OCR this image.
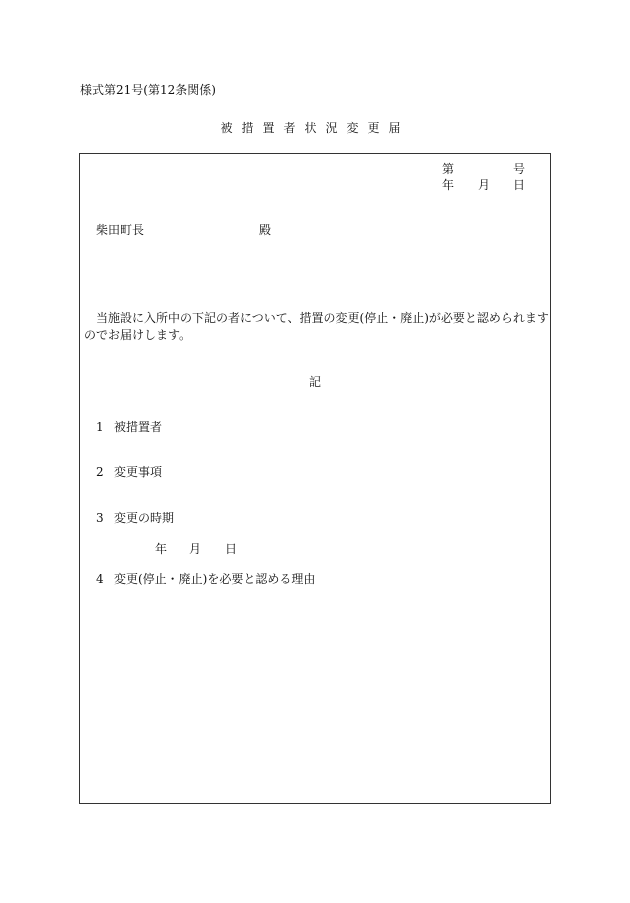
様式第21号(第12条関係)
被措置者状況変更届
第	号
年 月 日
柴田町長	殿
当施設に入所中の下記の者について、措置の変更(停止・廃止)が必要と認められますのでお届けします。
記
1 被措置者
2 変更事項
3 変更の時期
年 月 日
4 変更(停止・廃止)を必要と認める理由
